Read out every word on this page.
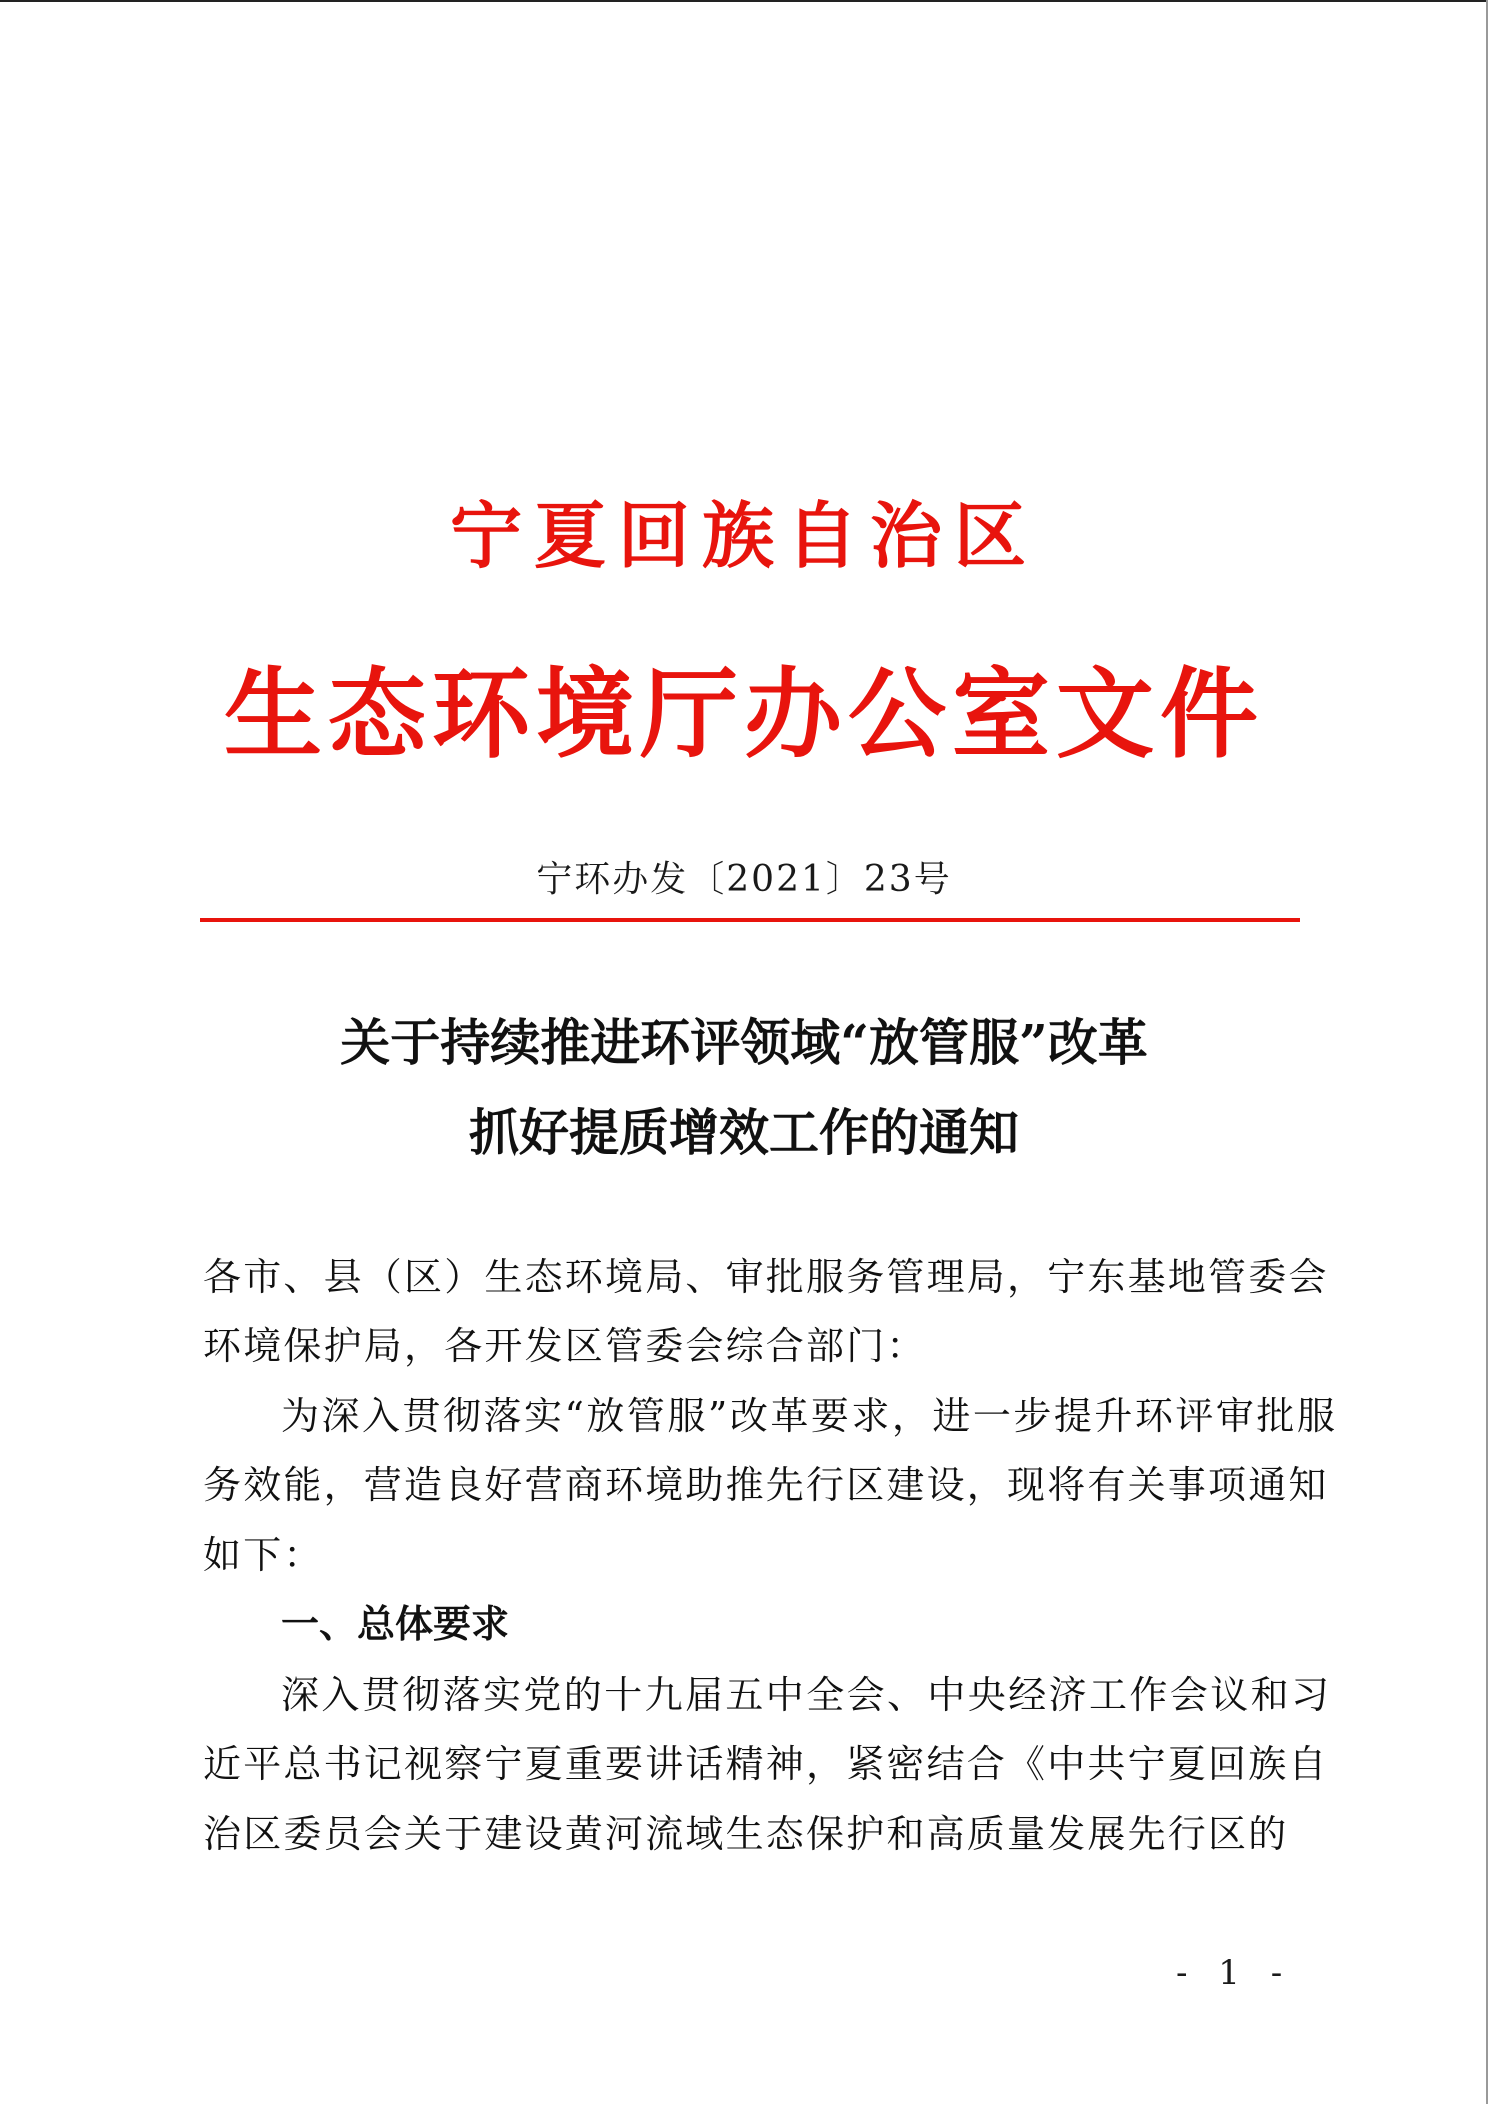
宁夏回族自治区
生态环境厅办公室文件
宁环办发〔2021〕23号
关于持续推进环评领域“放管服”改革
抓好提质增效工作的通知
各市、县（区）生态环境局、审批服务管理局，宁东基地管委会
环境保护局，各开发区管委会综合部门：
为深入贯彻落实“放管服”改革要求，进一步提升环评审批服
务效能，营造良好营商环境助推先行区建设，现将有关事项通知
如下：
一、总体要求
深入贯彻落实党的十九届五中全会、中央经济工作会议和习
近平总书记视察宁夏重要讲话精神，紧密结合《中共宁夏回族自
治区委员会关于建设黄河流域生态保护和高质量发展先行区的
- 1 -
